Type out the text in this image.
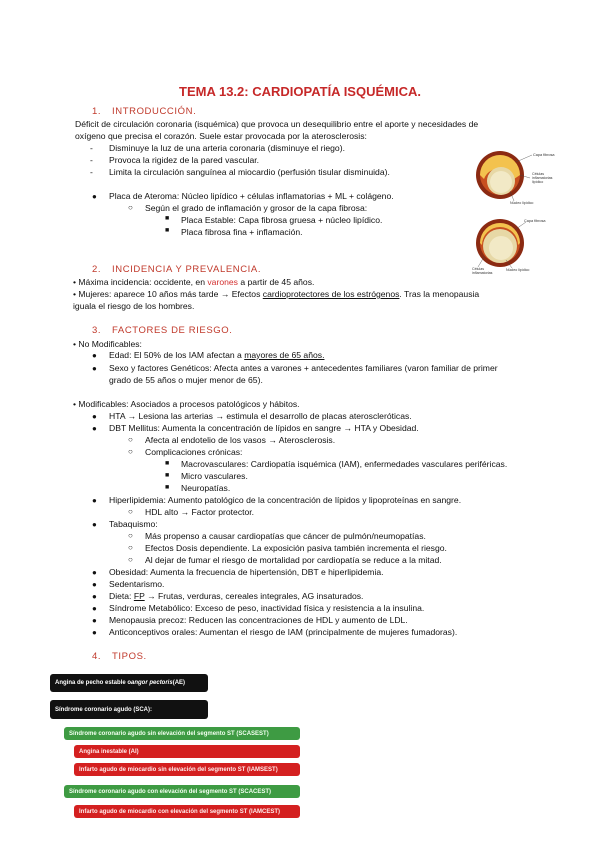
TEMA 13.2: CARDIOPATÍA ISQUÉMICA.
1. INTRODUCCIÓN.
Déficit de circulación coronaria (isquémica) que provoca un desequilibrio entre el aporte y necesidades de
oxígeno que precisa el corazón. Suele estar provocada por la aterosclerosis:
- Disminuye la luz de una arteria coronaria (disminuye el riego).
- Provoca la rigidez de la pared vascular.
- Limita la circulación sanguínea al miocardio (perfusión tisular disminuida).
● Placa de Ateroma: Núcleo lipídico + células inflamatorias + ML + colágeno.
○ Según el grado de inflamación y grosor de la capa fibrosa:
■ Placa Estable: Capa fibrosa gruesa + núcleo lipídico.
■ Placa fibrosa fina + inflamación.
Capa fibrosa
Células
inflamatorias
lipídico
Núcleo lipídico
Capa fibrosa
Células
inflamatorias
Núcleo lipídico
2. INCIDENCIA Y PREVALENCIA.
• Máxima incidencia: occidente, en varones a partir de 45 años.
• Mujeres: aparece 10 años más tarde → Efectos cardioprotectores de los estrógenos. Tras la menopausia
iguala el riesgo de los hombres.
3. FACTORES DE RIESGO.
• No Modificables:
● Edad: El 50% de los IAM afectan a mayores de 65 años.
● Sexo y factores Genéticos: Afecta antes a varones + antecedentes familiares (varon familiar de primer
grado de 55 años o mujer menor de 65).
• Modificables: Asociados a procesos patológicos y hábitos.
● HTA → Lesiona las arterias → estimula el desarrollo de placas ateroscleróticas.
● DBT Mellitus: Aumenta la concentración de lípidos en sangre → HTA y Obesidad.
○ Afecta al endotelio de los vasos → Aterosclerosis.
○ Complicaciones crónicas:
■ Macrovasculares: Cardiopatía isquémica (IAM), enfermedades vasculares periféricas.
■ Micro vasculares.
■ Neuropatías.
● Hiperlipidemia: Aumento patológico de la concentración de lípidos y lipoproteínas en sangre.
○ HDL alto → Factor protector.
● Tabaquismo:
○ Más propenso a causar cardiopatías que cáncer de pulmón/neumopatías.
○ Efectos Dosis dependiente. La exposición pasiva también incrementa el riesgo.
○ Al dejar de fumar el riesgo de mortalidad por cardiopatía se reduce a la mitad.
● Obesidad: Aumenta la frecuencia de hipertensión, DBT e hiperlipidemia.
● Sedentarismo.
● Dieta: FP → Frutas, verduras, cereales integrales, AG insaturados.
● Síndrome Metabólico: Exceso de peso, inactividad física y resistencia a la insulina.
● Menopausia precoz: Reducen las concentraciones de HDL y aumento de LDL.
● Anticonceptivos orales: Aumentan el riesgo de IAM (principalmente de mujeres fumadoras).
4. TIPOS.
Angina de pecho estable o angor pectoris (AE)
Síndrome coronario agudo (SCA):
Síndrome coronario agudo sin elevación del segmento ST (SCASEST)
Angina inestable (AI)
Infarto agudo de miocardio sin elevación del segmento ST (IAMSEST)
Síndrome coronario agudo con elevación del segmento ST (SCACEST)
Infarto agudo de miocardio con elevación del segmento ST (IAMCEST)
